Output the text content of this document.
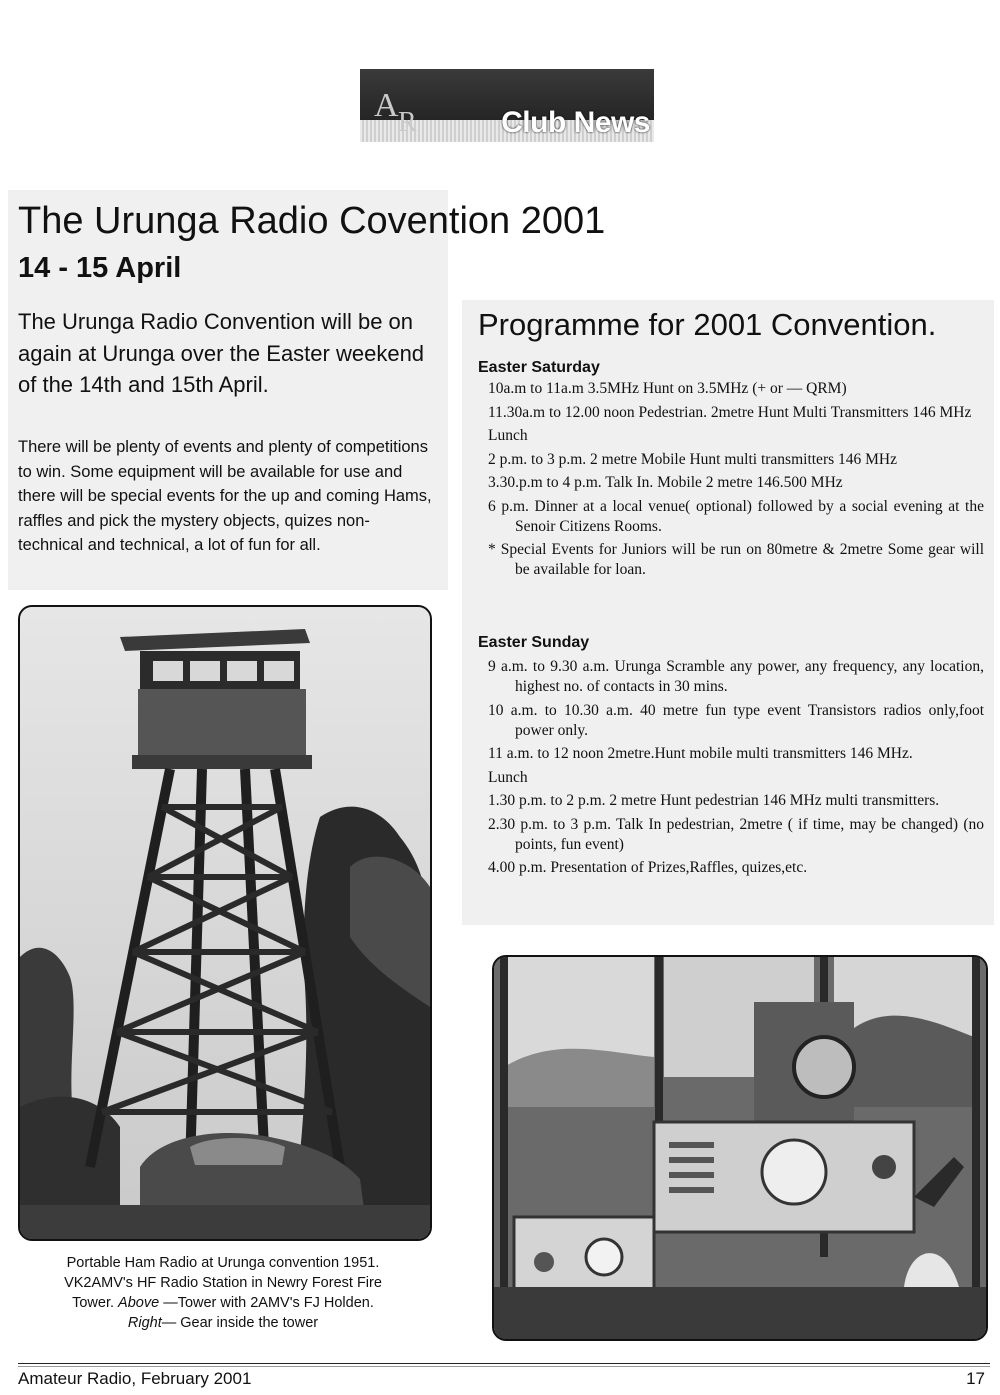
A R	Club News
The Urunga Radio Covention 2001
14 - 15 April

The Urunga Radio Convention will be on again at Urunga over the Easter weekend of the 14th and 15th April.

There will be plenty of events and plenty of competitions to win. Some equipment will be available for use and there will be special events for the up and coming Hams, raffles and pick the mystery objects, quizes non-technical and technical, a lot of fun for all.

Portable Ham Radio at Urunga convention 1951.
VK2AMV's HF Radio Station in Newry Forest Fire
Tower. Above —Tower with 2AMV's FJ Holden.
Right— Gear inside the tower

Programme for 2001 Convention.
Easter Saturday
10a.m to 11a.m 3.5MHz Hunt on 3.5MHz (+ or — QRM)
11.30a.m to 12.00 noon Pedestrian. 2metre Hunt Multi Transmitters 146 MHz
Lunch
2 p.m. to 3 p.m. 2 metre Mobile Hunt multi transmitters 146 MHz
3.30.p.m to 4 p.m. Talk In. Mobile 2 metre 146.500 MHz
6 p.m. Dinner at a local venue( optional) followed by a social evening at the Senoir Citizens Rooms.
* Special Events for Juniors will be run on 80metre & 2metre Some gear will be available for loan.
Easter Sunday
9 a.m. to 9.30 a.m. Urunga Scramble any power, any frequency, any location, highest no. of contacts in 30 mins.
10 a.m. to 10.30 a.m. 40 metre fun type event Transistors radios only,foot power only.
11 a.m. to 12 noon 2metre.Hunt mobile multi transmitters 146 MHz.
Lunch
1.30 p.m. to 2 p.m. 2 metre Hunt pedestrian 146 MHz multi transmitters.
2.30 p.m. to 3 p.m. Talk In pedestrian, 2metre ( if time, may be changed) (no points, fun event)
4.00 p.m. Presentation of Prizes,Raffles, quizes,etc.
Amateur Radio, February 2001	17
